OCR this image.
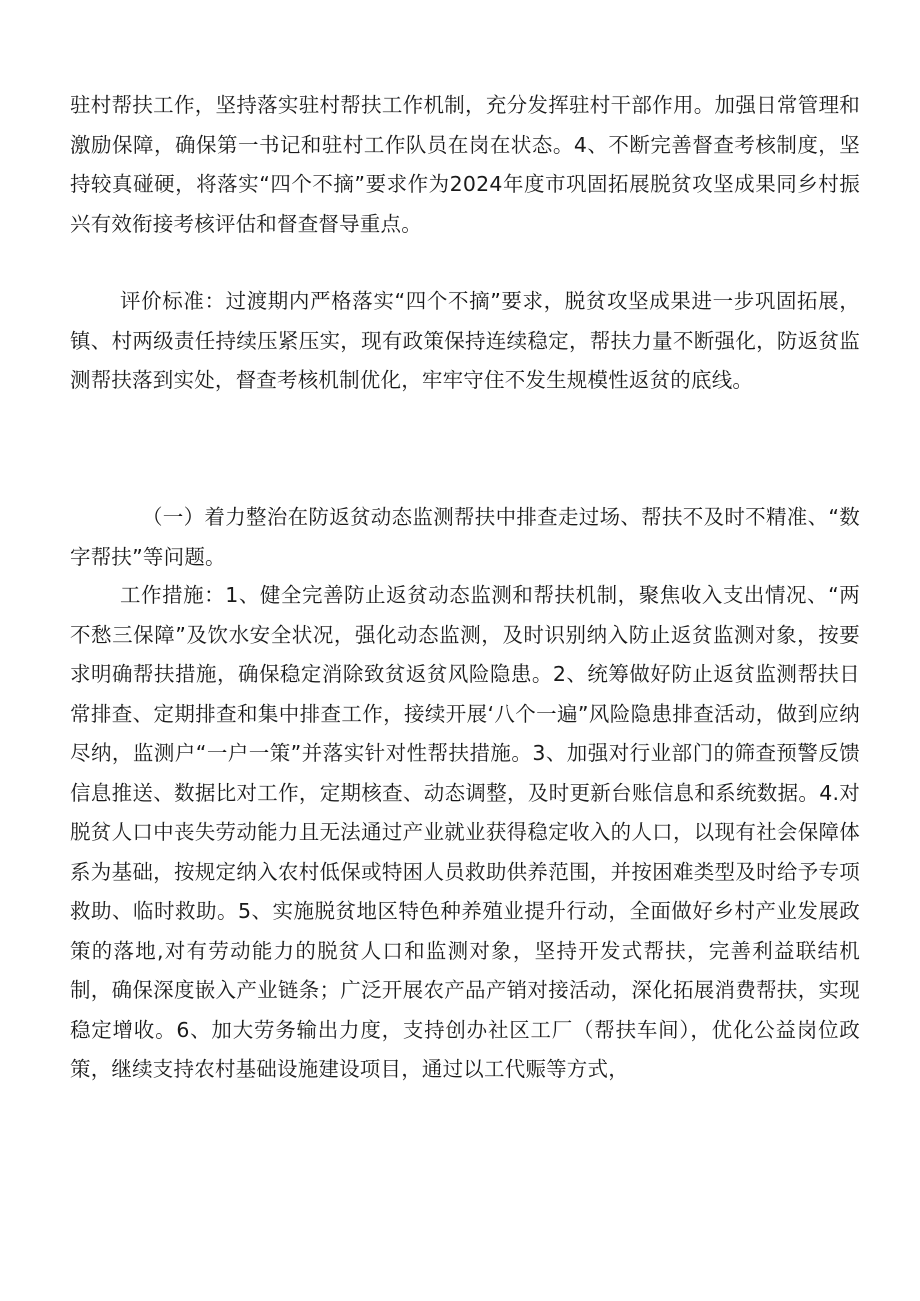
驻村帮扶工作，坚持落实驻村帮扶工作机制，充分发挥驻村干部作用。加强日常管理和激励保障，确保第一书记和驻村工作队员在岗在状态。4、不断完善督查考核制度，坚持较真碰硬，将落实“四个不摘”要求作为2024年度市巩固拓展脱贫攻坚成果同乡村振兴有效衔接考核评估和督查督导重点。

评价标准：过渡期内严格落实“四个不摘”要求，脱贫攻坚成果进一步巩固拓展，镇、村两级责任持续压紧压实，现有政策保持连续稳定，帮扶力量不断强化，防返贫监测帮扶落到实处，督查考核机制优化，牢牢守住不发生规模性返贫的底线。

（一）着力整治在防返贫动态监测帮扶中排查走过场、帮扶不及时不精准、“数字帮扶”等问题。

工作措施：1、健全完善防止返贫动态监测和帮扶机制，聚焦收入支出情况、“两不愁三保障”及饮水安全状况，强化动态监测，及时识别纳入防止返贫监测对象，按要求明确帮扶措施，确保稳定消除致贫返贫风险隐患。2、统筹做好防止返贫监测帮扶日常排查、定期排查和集中排查工作，接续开展‘八个一遍”风险隐患排查活动，做到应纳尽纳，监测户“一户一策”并落实针对性帮扶措施。3、加强对行业部门的筛查预警反馈信息推送、数据比对工作，定期核查、动态调整，及时更新台账信息和系统数据。4.对脱贫人口中丧失劳动能力且无法通过产业就业获得稳定收入的人口，以现有社会保障体系为基础，按规定纳入农村低保或特困人员救助供养范围，并按困难类型及时给予专项救助、临时救助。5、实施脱贫地区特色种养殖业提升行动，全面做好乡村产业发展政策的落地,对有劳动能力的脱贫人口和监测对象，坚持开发式帮扶，完善利益联结机制，确保深度嵌入产业链条；广泛开展农产品产销对接活动，深化拓展消费帮扶，实现稳定增收。6、加大劳务输出力度，支持创办社区工厂（帮扶车间），优化公益岗位政策，继续支持农村基础设施建设项目，通过以工代赈等方式，
